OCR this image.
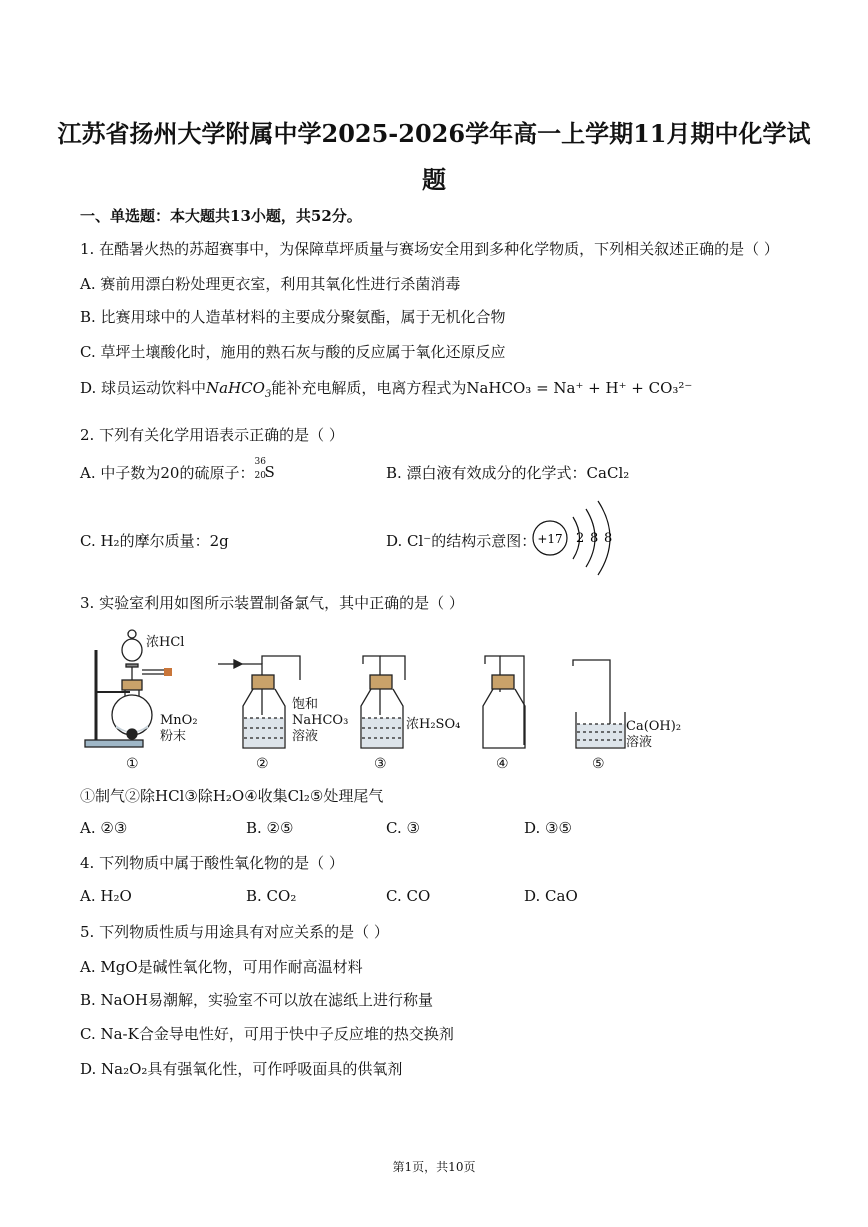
江苏省扬州大学附属中学2025-2026学年高一上学期11月期中化学试
题
一、单选题：本大题共13小题，共52分。
1. 在酷暑火热的苏超赛事中，为保障草坪质量与赛场安全用到多种化学物质，下列相关叙述正确的是（ ）
A. 赛前用漂白粉处理更衣室，利用其氧化性进行杀菌消毒
B. 比赛用球中的人造革材料的主要成分聚氨酯，属于无机化合物
C. 草坪土壤酸化时，施用的熟石灰与酸的反应属于氧化还原反应
D. 球员运动饮料中NaHCO$_3$能补充电解质，电离方程式为NaHCO₃ = Na⁺ + H⁺ + CO₃²⁻
2. 下列有关化学用语表示正确的是（ ）
A. 中子数为20的硫原子：
36
20
S	B. 漂白液有效成分的化学式：CaCl₂
C. H₂的摩尔质量：2g	D. Cl⁻的结构示意图： +17 2 8 8
3. 实验室利用如图所示装置制备氯气，其中正确的是（ ）
浓HCl
MnO₂
粉末
饱和
NaHCO₃
溶液
浓H₂SO₄	Ca(OH)₂
溶液
①	②	③	④	⑤
①制气②除HCl③除H₂O④收集Cl₂⑤处理尾气
A. ②③	B. ②⑤	C. ③	D. ③⑤
4. 下列物质中属于酸性氧化物的是（ ）
A. H₂O	B. CO₂	C. CO	D. CaO
5. 下列物质性质与用途具有对应关系的是（ ）
A. MgO是碱性氧化物，可用作耐高温材料
B. NaOH易潮解，实验室不可以放在滤纸上进行称量
C. Na-K合金导电性好，可用于快中子反应堆的热交换剂
D. Na₂O₂具有强氧化性，可作呼吸面具的供氧剂
第1页，共10页
